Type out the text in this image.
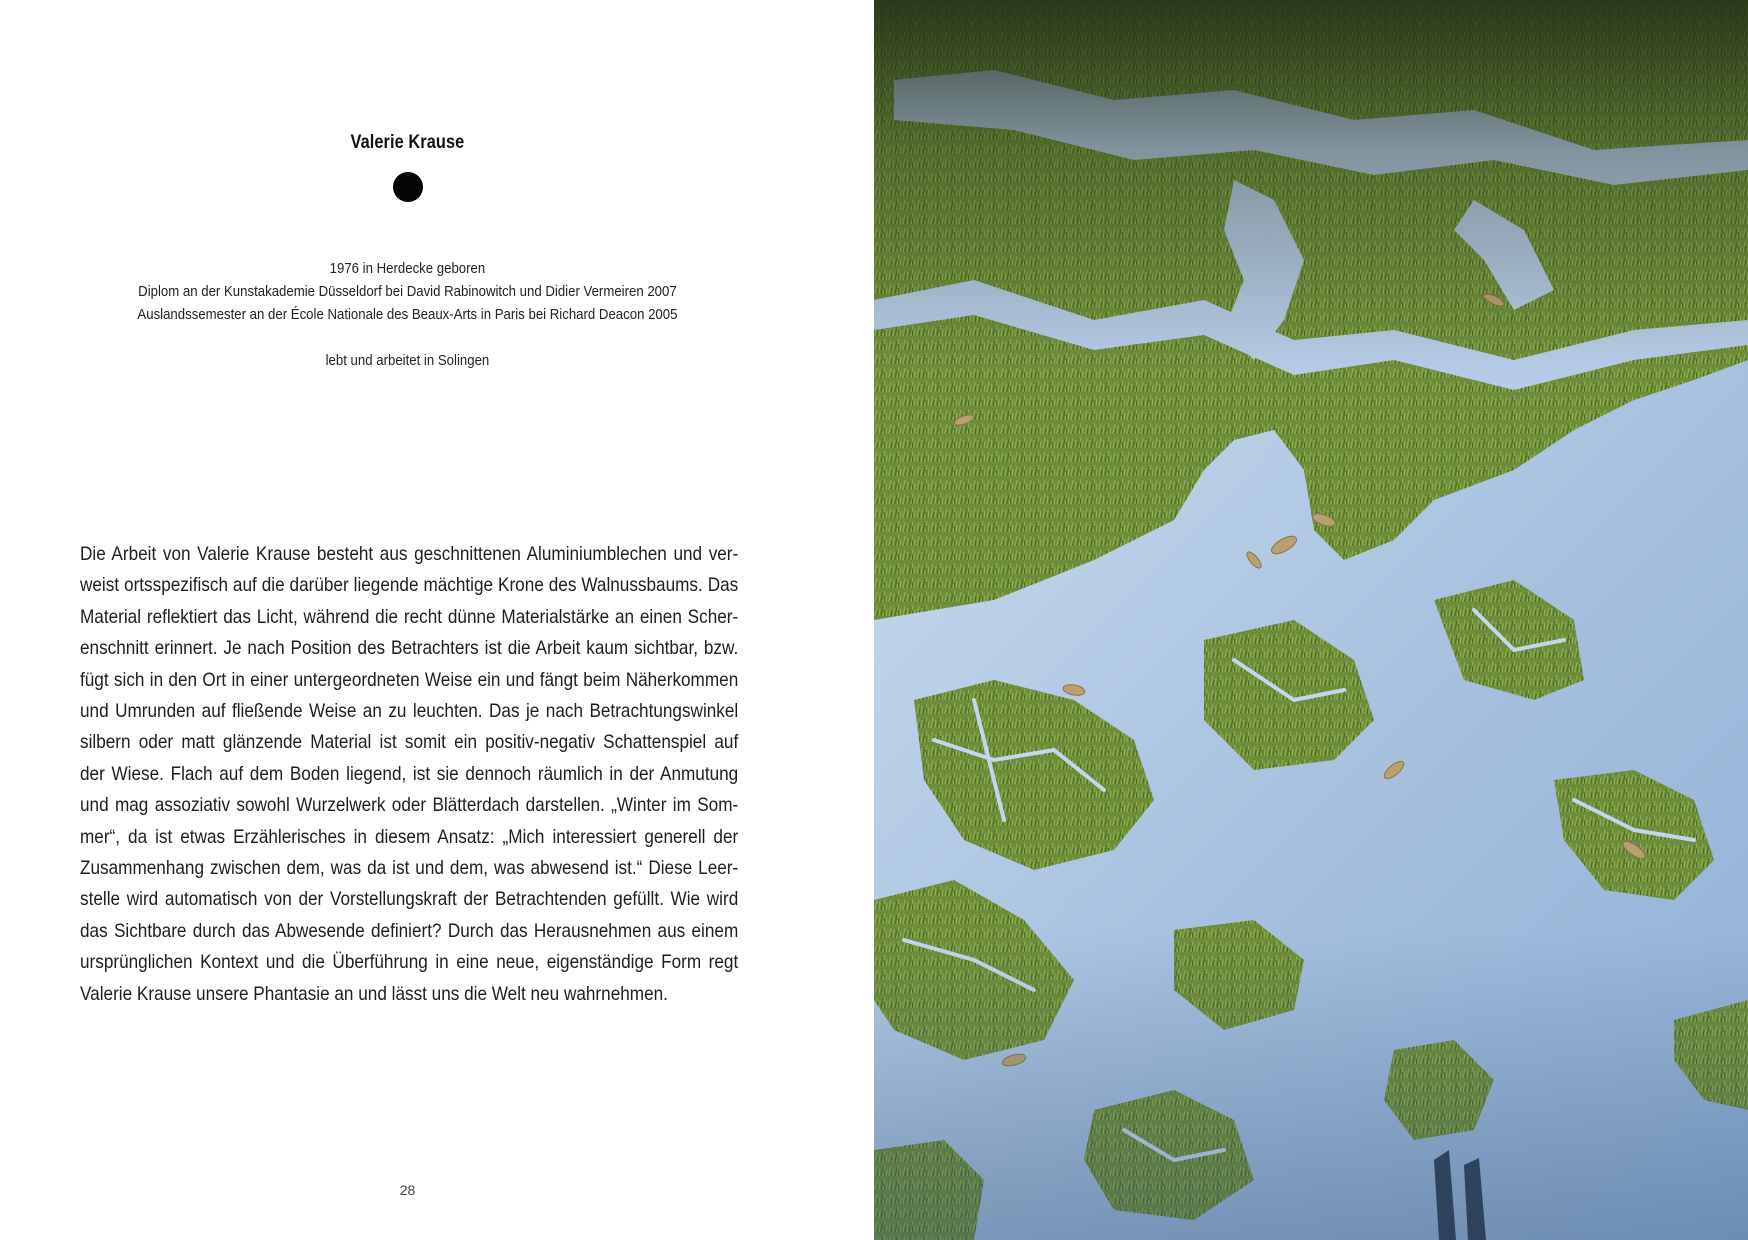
Valerie Krause
1976 in Herdecke geboren
Diplom an der Kunstakademie Düsseldorf bei David Rabinowitch und Didier Vermeiren 2007
Auslandssemester an der École Nationale des Beaux-Arts in Paris bei Richard Deacon 2005
lebt und arbeitet in Solingen
Die Arbeit von Valerie Krause besteht aus geschnittenen Aluminiumblechen und ver-
weist ortsspezifisch auf die darüber liegende mächtige Krone des Walnussbaums. Das
Material reflektiert das Licht, während die recht dünne Materialstärke an einen Scher-
enschnitt erinnert. Je nach Position des Betrachters ist die Arbeit kaum sichtbar, bzw.
fügt sich in den Ort in einer untergeordneten Weise ein und fängt beim Näherkommen
und Umrunden auf fließende Weise an zu leuchten. Das je nach Betrachtungswinkel
silbern oder matt glänzende Material ist somit ein positiv-negativ Schattenspiel auf
der Wiese. Flach auf dem Boden liegend, ist sie dennoch räumlich in der Anmutung
und mag assoziativ sowohl Wurzelwerk oder Blätterdach darstellen. „Winter im Som-
mer“, da ist etwas Erzählerisches in diesem Ansatz: „Mich interessiert generell der
Zusammenhang zwischen dem, was da ist und dem, was abwesend ist.“ Diese Leer-
stelle wird automatisch von der Vorstellungskraft der Betrachtenden gefüllt. Wie wird
das Sichtbare durch das Abwesende definiert? Durch das Herausnehmen aus einem
ursprünglichen Kontext und die Überführung in eine neue, eigenständige Form regt
Valerie Krause unsere Phantasie an und lässt uns die Welt neu wahrnehmen.
28
